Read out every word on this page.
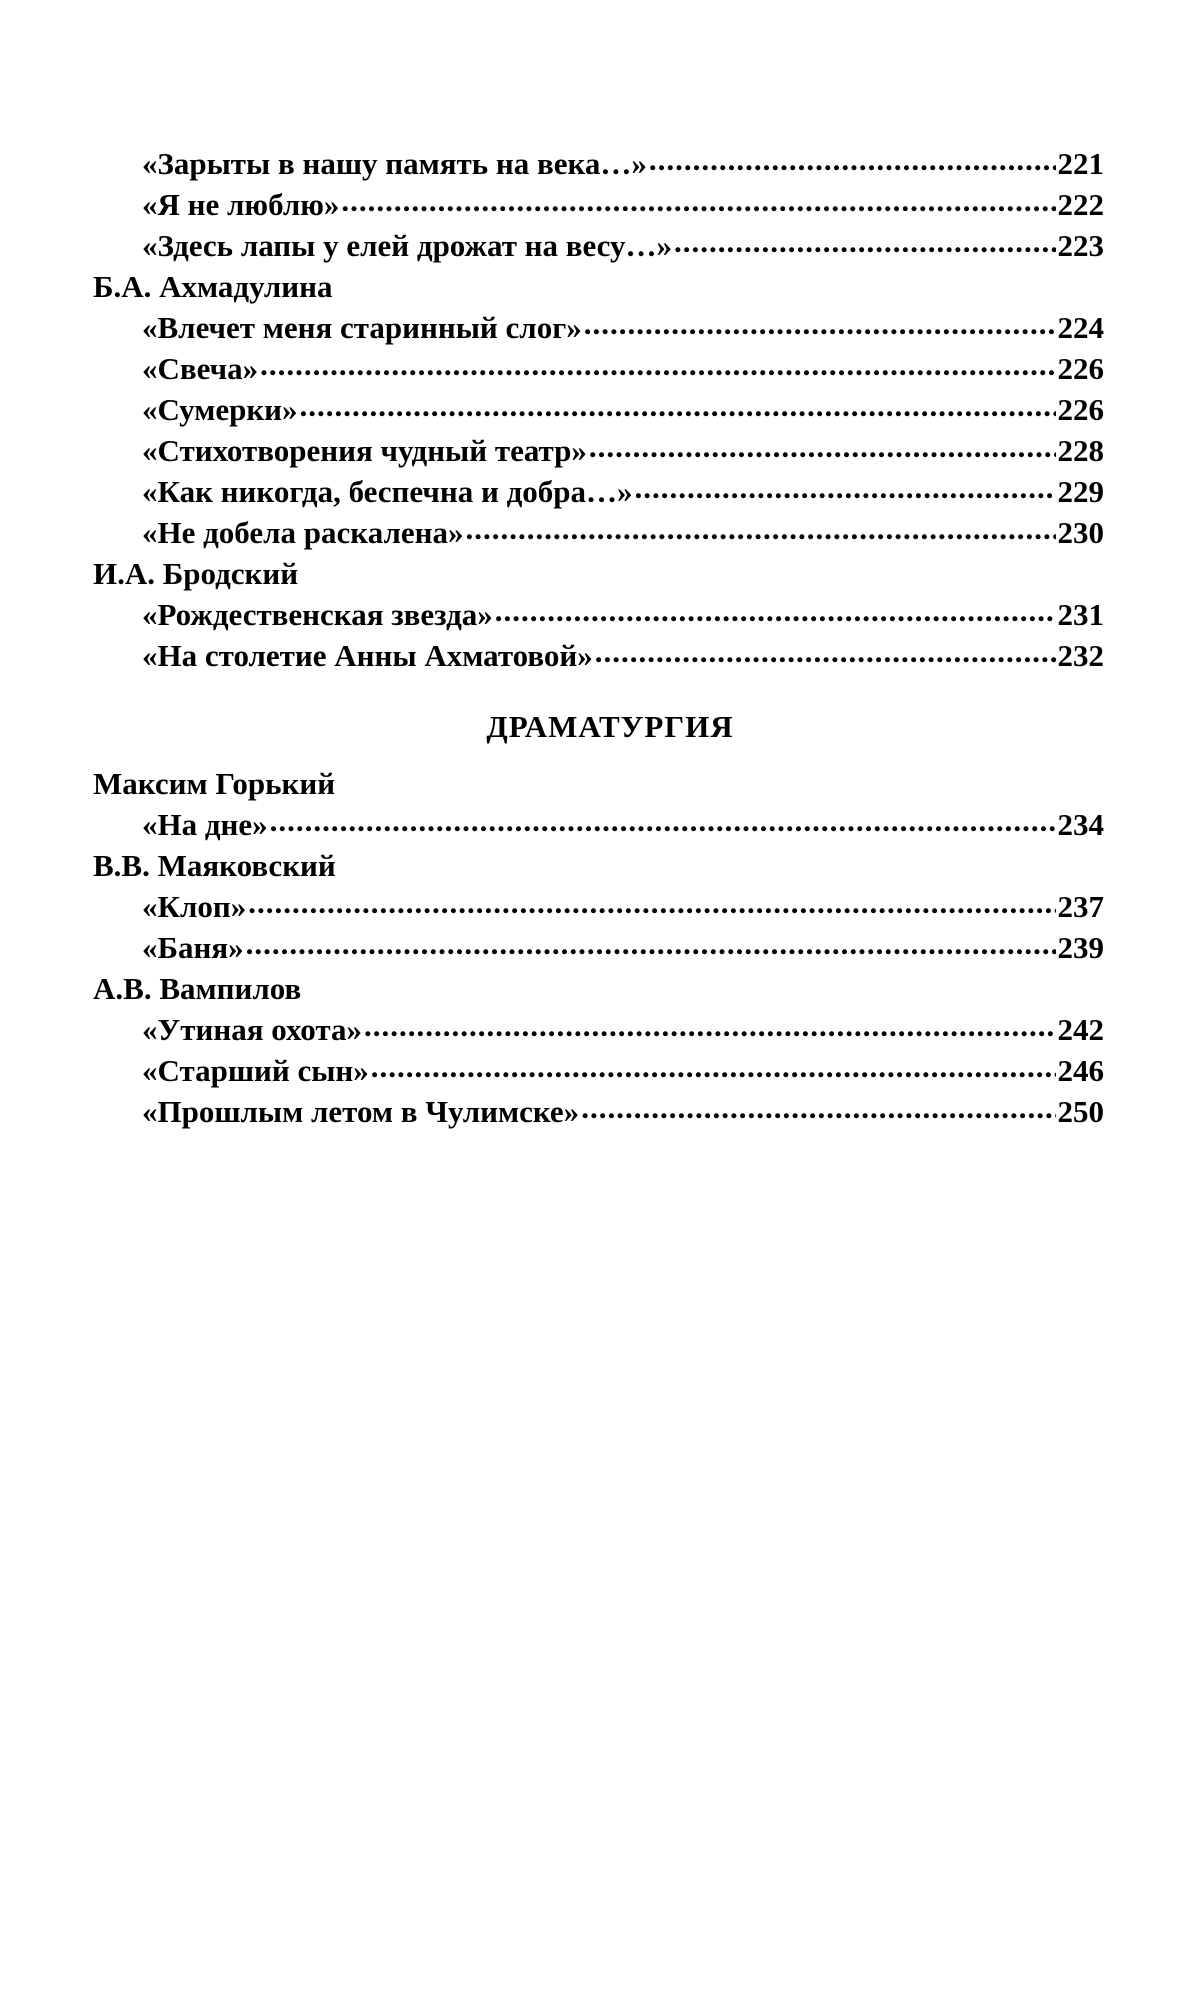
«Зарыты в нашу память на века…» .....	221
«Я не люблю» .....	222
«Здесь лапы у елей дрожат на весу…» .....	223
Б.А. Ахмадулина
«Влечет меня старинный слог» .....	224
«Свеча» .....	226
«Сумерки» .....	226
«Стихотворения чудный театр» .....	228
«Как никогда, беспечна и добра…» .....	229
«Не добела раскалена» .....	230
И.А. Бродский
«Рождественская звезда» .....	231
«На столетие Анны Ахматовой» .....	232
ДРАМАТУРГИЯ
Максим Горький
«На дне» .....	234
В.В. Маяковский
«Клоп» .....	237
«Баня» .....	239
А.В. Вампилов
«Утиная охота» .....	242
«Старший сын» .....	246
«Прошлым летом в Чулимске» .....	250
